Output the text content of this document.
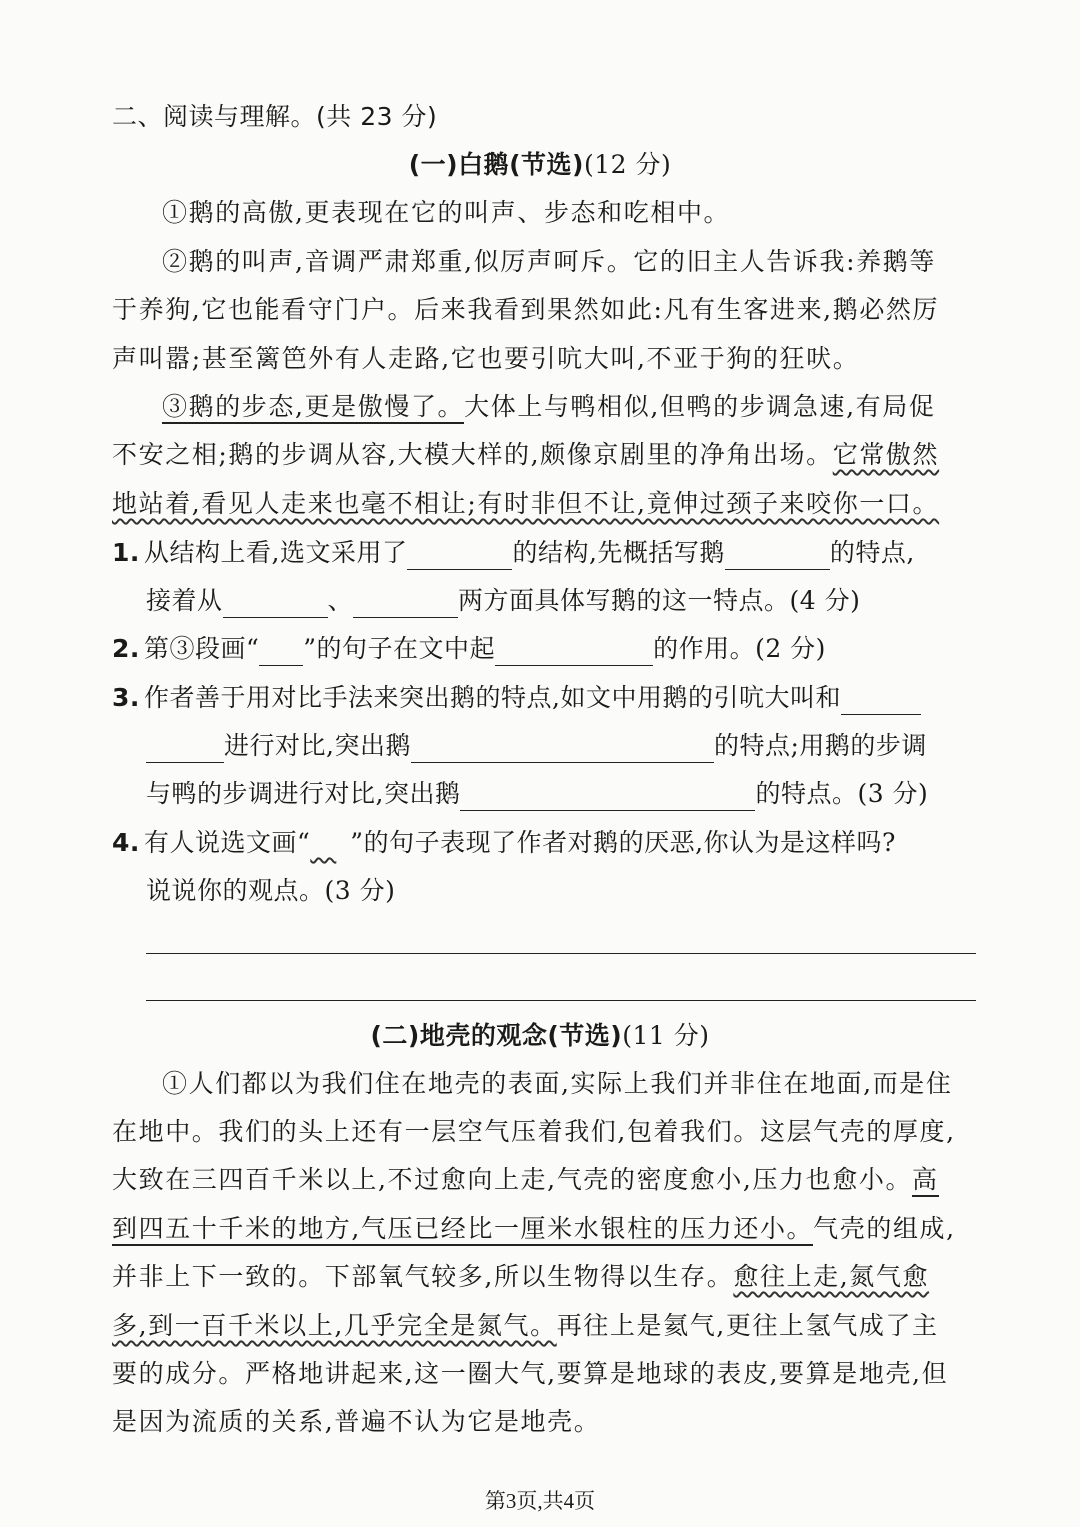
二、阅读与理解。(共 23 分)
(一)白鹅(节选)(12 分)
①鹅的高傲,更表现在它的叫声、步态和吃相中。
②鹅的叫声,音调严肃郑重,似厉声呵斥。它的旧主人告诉我:养鹅等
于养狗,它也能看守门户。后来我看到果然如此:凡有生客进来,鹅必然厉
声叫嚣;甚至篱笆外有人走路,它也要引吭大叫,不亚于狗的狂吠。
③鹅的步态,更是傲慢了。大体上与鸭相似,但鸭的步调急速,有局促
不安之相;鹅的步调从容,大模大样的,颇像京剧里的净角出场。它常傲然
地站着,看见人走来也毫不相让;有时非但不让,竟伸过颈子来咬你一口。
1. 从结构上看,选文采用了	的结构,先概括写鹅	的特点,
接着从	、	两方面具体写鹅的这一特点。(4 分)
2. 第③段画“ ”的句子在文中起	的作用。(2 分)
3. 作者善于用对比手法来突出鹅的特点,如文中用鹅的引吭大叫和
进行对比,突出鹅	的特点;用鹅的步调
与鸭的步调进行对比,突出鹅	的特点。(3 分)
4. 有人说选文画“   ”的句子表现了作者对鹅的厌恶,你认为是这样吗?
说说你的观点。(3 分)
(二)地壳的观念(节选)(11 分)
①人们都以为我们住在地壳的表面,实际上我们并非住在地面,而是住
在地中。我们的头上还有一层空气压着我们,包着我们。这层气壳的厚度,
大致在三四百千米以上,不过愈向上走,气壳的密度愈小,压力也愈小。高
到四五十千米的地方,气压已经比一厘米水银柱的压力还小。气壳的组成,
并非上下一致的。下部氧气较多,所以生物得以生存。愈往上走,氮气愈
多,到一百千米以上,几乎完全是氮气。再往上是氦气,更往上氢气成了主
要的成分。严格地讲起来,这一圈大气,要算是地球的表皮,要算是地壳,但
是因为流质的关系,普遍不认为它是地壳。
第3页,共4页
